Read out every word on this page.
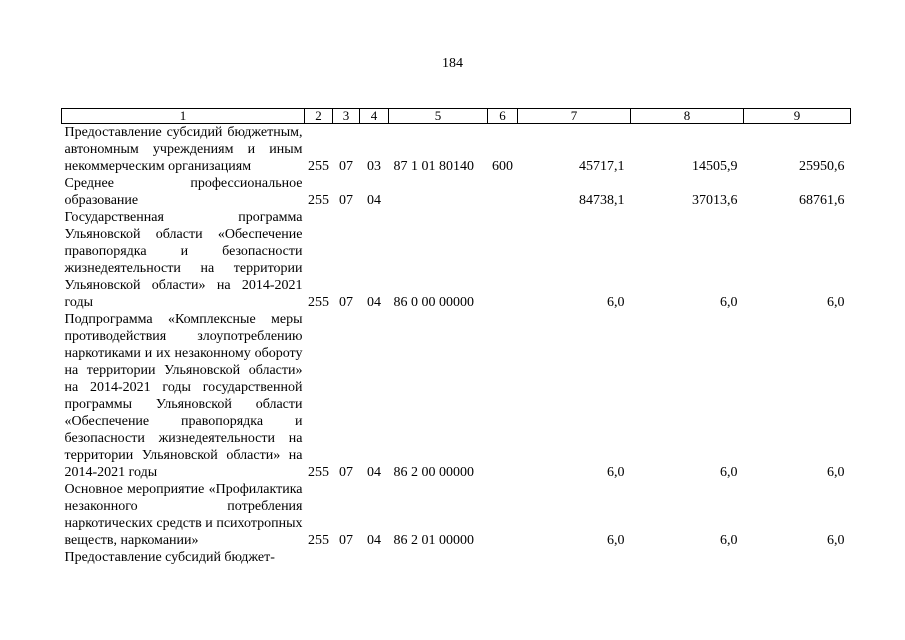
184
1	2	3	4	5	6	7	8	9
Предоставление субсидий бюджетным, автономным учреждениям и иным некоммерческим организациям	255	07	03	87 1 01 80140	600	45717,1	14505,9	25950,6
Среднее профессиональное образование	255	07	04			84738,1	37013,6	68761,6
Государственная программа Ульяновской области «Обеспечение правопорядка и безопасности жизнедеятельности на территории Ульяновской области» на 2014-2021 годы	255	07	04	86 0 00 00000		6,0	6,0	6,0
Подпрограмма «Комплексные меры противодействия злоупотреблению наркотиками и их незаконному обороту на территории Ульяновской области» на 2014-2021 годы государственной программы Ульяновской области «Обеспечение правопорядка и безопасности жизнедеятельности на территории Ульяновской области» на 2014-2021 годы	255	07	04	86 2 00 00000		6,0	6,0	6,0
Основное мероприятие «Профилактика незаконного потребления наркотических средств и психотропных веществ, наркомании»	255	07	04	86 2 01 00000		6,0	6,0	6,0
Предоставление субсидий бюджет-								
